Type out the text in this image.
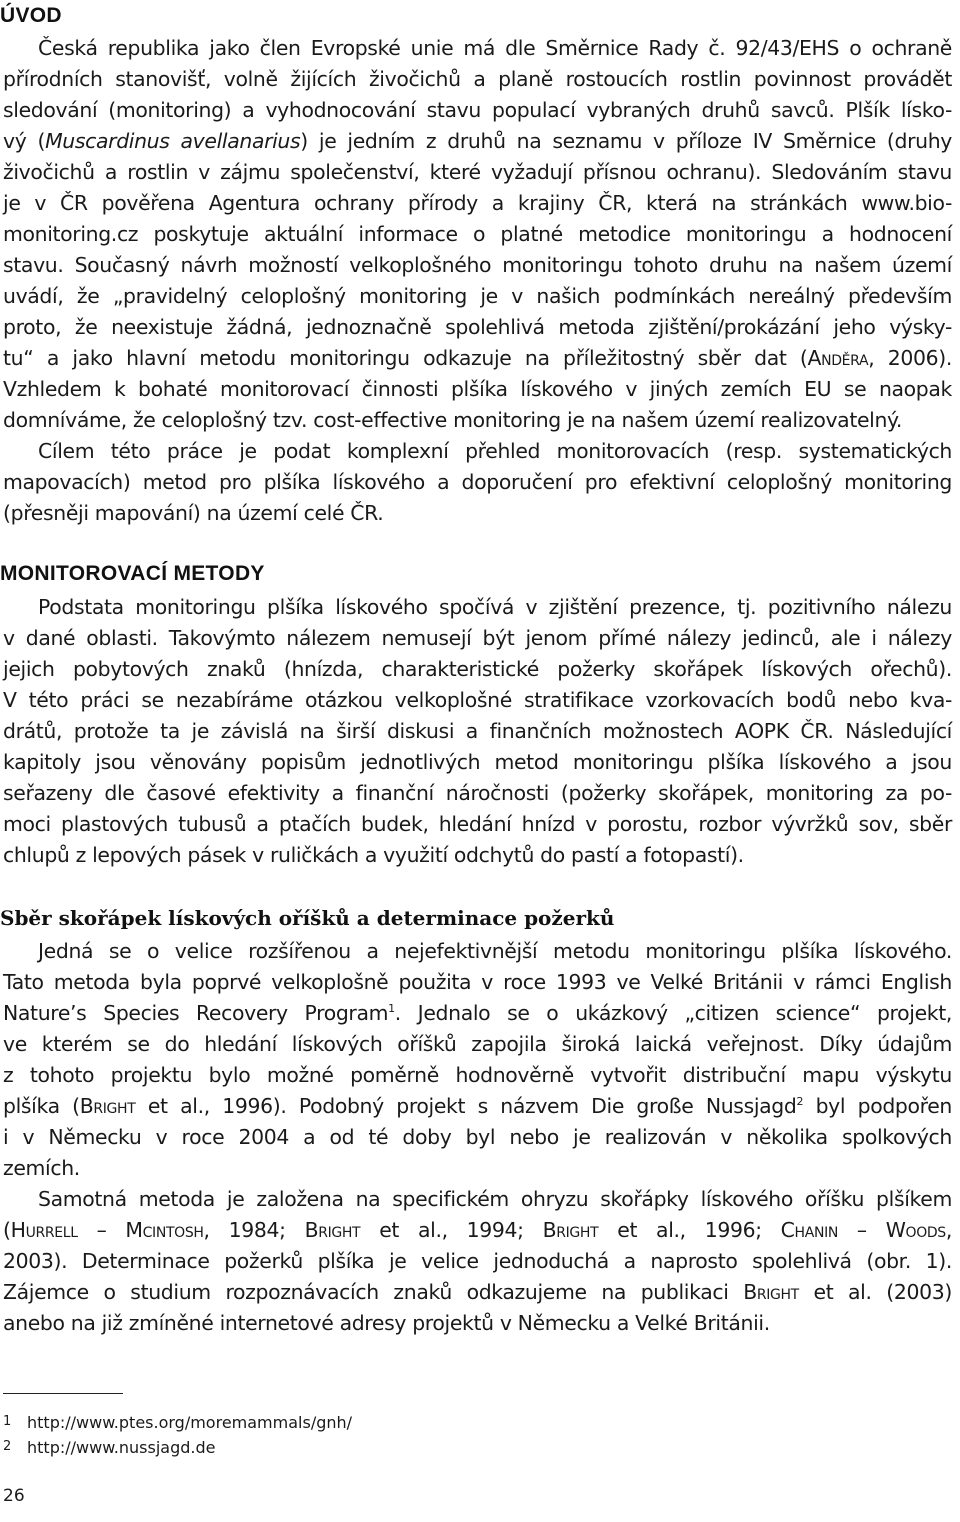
ÚVOD

Česká republika jako člen Evropské unie má dle Směrnice Rady č. 92/43/EHS o ochraně

přírodních stanovišť, volně žijících živočichů a planě rostoucích rostlin povinnost provádět

sledování (monitoring) a vyhodnocování stavu populací vybraných druhů savců. Plšík lísko-

vý (Muscardinus avellanarius) je jedním z druhů na seznamu v příloze IV Směrnice (druhy

živočichů a rostlin v zájmu společenství, které vyžadují přísnou ochranu). Sledováním stavu

je v ČR pověřena Agentura ochrany přírody a krajiny ČR, která na stránkách www.bio-

monitoring.cz poskytuje aktuální informace o platné metodice monitoringu a hodnocení

stavu. Současný návrh možností velkoplošného monitoringu tohoto druhu na našem území

uvádí, že „pravidelný celoplošný monitoring je v našich podmínkách nereálný především

proto, že neexistuje žádná, jednoznačně spolehlivá metoda zjištění/prokázání jeho výsky-

tu“ a jako hlavní metodu monitoringu odkazuje na příležitostný sběr dat (Anděra, 2006).

Vzhledem k bohaté monitorovací činnosti plšíka lískového v jiných zemích EU se naopak

domníváme, že celoplošný tzv. cost-effective monitoring je na našem území realizovatelný.

Cílem této práce je podat komplexní přehled monitorovacích (resp. systematických

mapovacích) metod pro plšíka lískového a doporučení pro efektivní celoplošný monitoring

(přesněji mapování) na území celé ČR.

MONITOROVACÍ METODY

Podstata monitoringu plšíka lískového spočívá v zjištění prezence, tj. pozitivního nálezu

v dané oblasti. Takovýmto nálezem nemusejí být jenom přímé nálezy jedinců, ale i nálezy

jejich pobytových znaků (hnízda, charakteristické požerky skořápek lískových ořechů).

V této práci se nezabíráme otázkou velkoplošné stratifikace vzorkovacích bodů nebo kva-

drátů, protože ta je závislá na širší diskusi a finančních možnostech AOPK ČR. Následující

kapitoly jsou věnovány popisům jednotlivých metod monitoringu plšíka lískového a jsou

seřazeny dle časové efektivity a finanční náročnosti (požerky skořápek, monitoring za po-

moci plastových tubusů a ptačích budek, hledání hnízd v porostu, rozbor vývržků sov, sběr

chlupů z lepových pásek v ruličkách a využití odchytů do pastí a fotopastí).

Sběr skořápek lískových oříšků a determinace požerků

Jedná se o velice rozšířenou a nejefektivnější metodu monitoringu plšíka lískového.

Tato metoda byla poprvé velkoplošně použita v roce 1993 ve Velké Británii v rámci English

Nature’s Species Recovery Program$^1$. Jednalo se o ukázkový „citizen science“ projekt,

ve kterém se do hledání lískových oříšků zapojila široká laická veřejnost. Díky údajům

z tohoto projektu bylo možné poměrně hodnověrně vytvořit distribuční mapu výskytu

plšíka (Bright et al., 1996). Podobný projekt s názvem Die große Nussjagd$^2$ byl podpořen

i v Německu v roce 2004 a od té doby byl nebo je realizován v několika spolkových

zemích.

Samotná metoda je založena na specifickém ohryzu skořápky lískového oříšku plšíkem

(Hurrell – Mcintosh, 1984; Bright et al., 1994; Bright et al., 1996; Chanin – Woods,

2003). Determinace požerků plšíka je velice jednoduchá a naprosto spolehlivá (obr. 1).

Zájemce o studium rozpoznávacích znaků odkazujeme na publikaci Bright et al. (2003)

anebo na již zmíněné internetové adresy projektů v Německu a Velké Británii.

1 http://www.ptes.org/moremammals/gnh/
2 http://www.nussjagd.de
26
